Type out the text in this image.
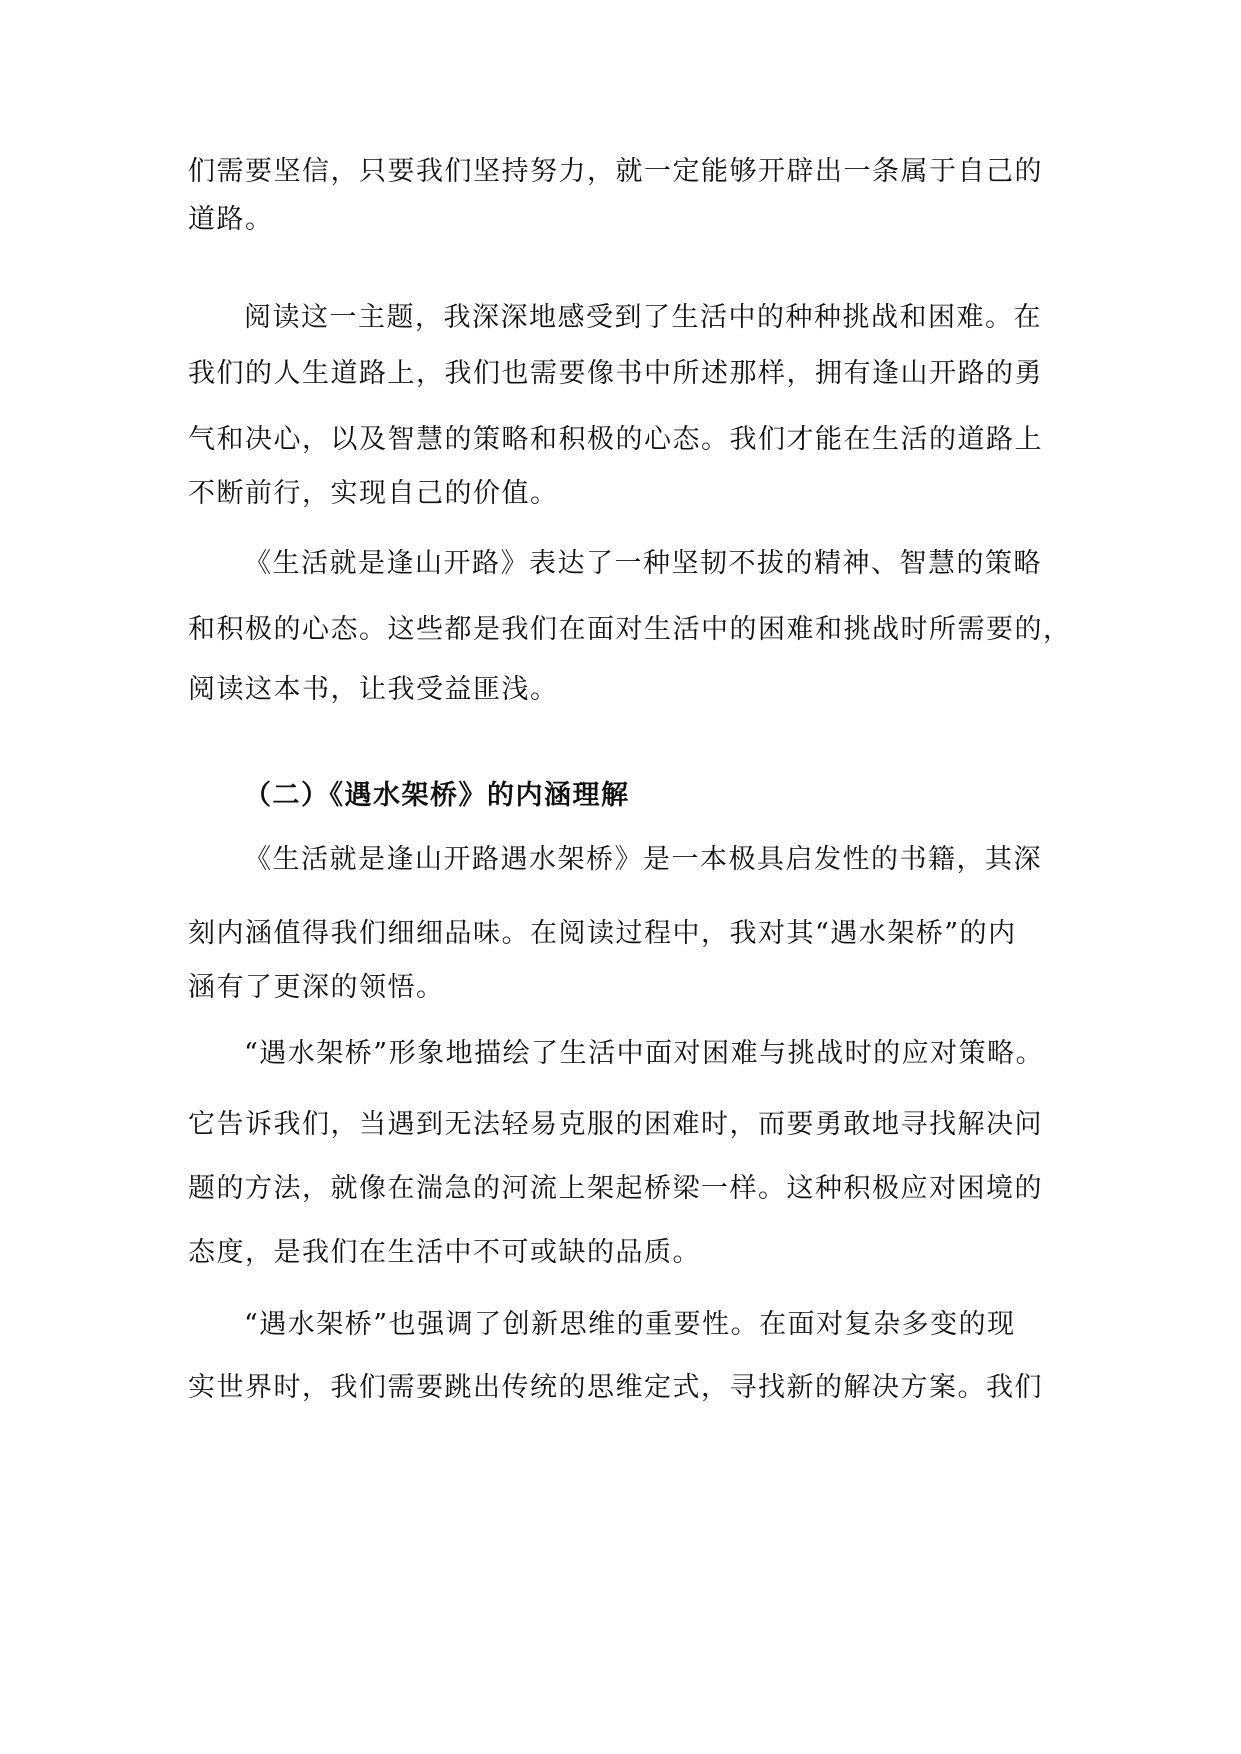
们需要坚信，只要我们坚持努力，就一定能够开辟出一条属于自己的
道路。
阅读这一主题，我深深地感受到了生活中的种种挑战和困难。在
我们的人生道路上，我们也需要像书中所述那样，拥有逢山开路的勇
气和决心，以及智慧的策略和积极的心态。我们才能在生活的道路上
不断前行，实现自己的价值。
《生活就是逢山开路》表达了一种坚韧不拔的精神、智慧的策略
和积极的心态。这些都是我们在面对生活中的困难和挑战时所需要的，
阅读这本书，让我受益匪浅。
（二）《遇水架桥》的内涵理解
《生活就是逢山开路遇水架桥》是一本极具启发性的书籍，其深
刻内涵值得我们细细品味。在阅读过程中，我对其“遇水架桥”的内
涵有了更深的领悟。
“遇水架桥”形象地描绘了生活中面对困难与挑战时的应对策略。
它告诉我们，当遇到无法轻易克服的困难时，而要勇敢地寻找解决问
题的方法，就像在湍急的河流上架起桥梁一样。这种积极应对困境的
态度，是我们在生活中不可或缺的品质。
“遇水架桥”也强调了创新思维的重要性。在面对复杂多变的现
实世界时，我们需要跳出传统的思维定式，寻找新的解决方案。我们
